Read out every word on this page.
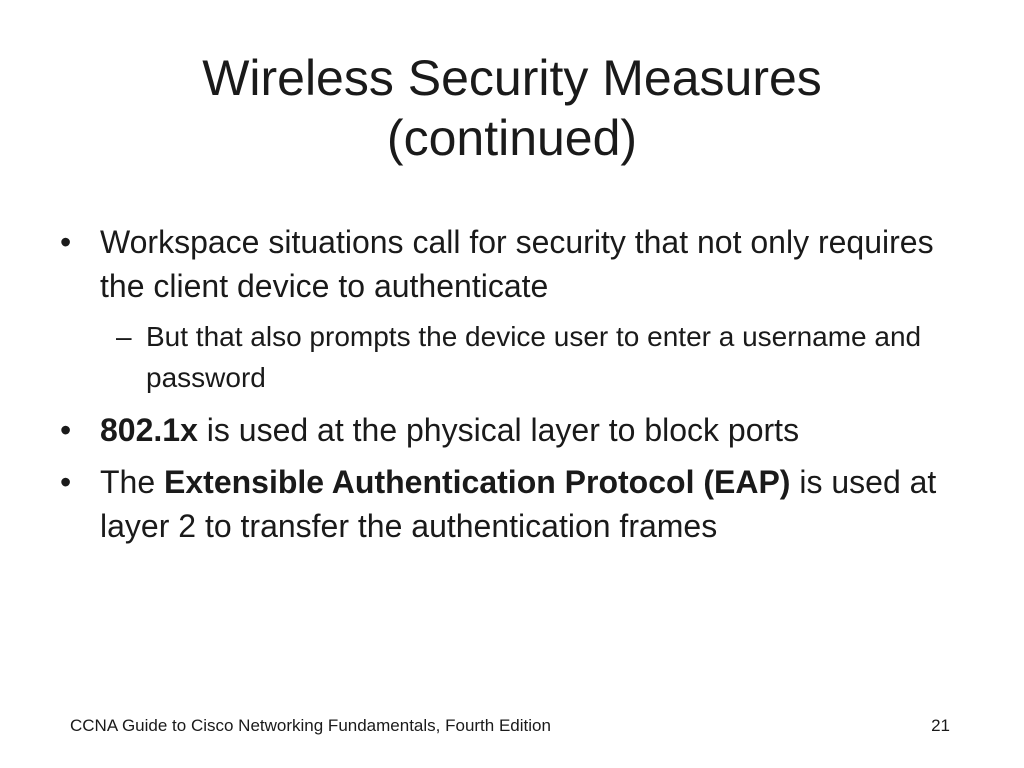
Wireless Security Measures
(continued)
• Workspace situations call for security that not only requires the client device to authenticate
– But that also prompts the device user to enter a username and password
• 802.1x is used at the physical layer to block ports
• The Extensible Authentication Protocol (EAP) is used at layer 2 to transfer the authentication frames
CCNA Guide to Cisco Networking Fundamentals, Fourth Edition	21
